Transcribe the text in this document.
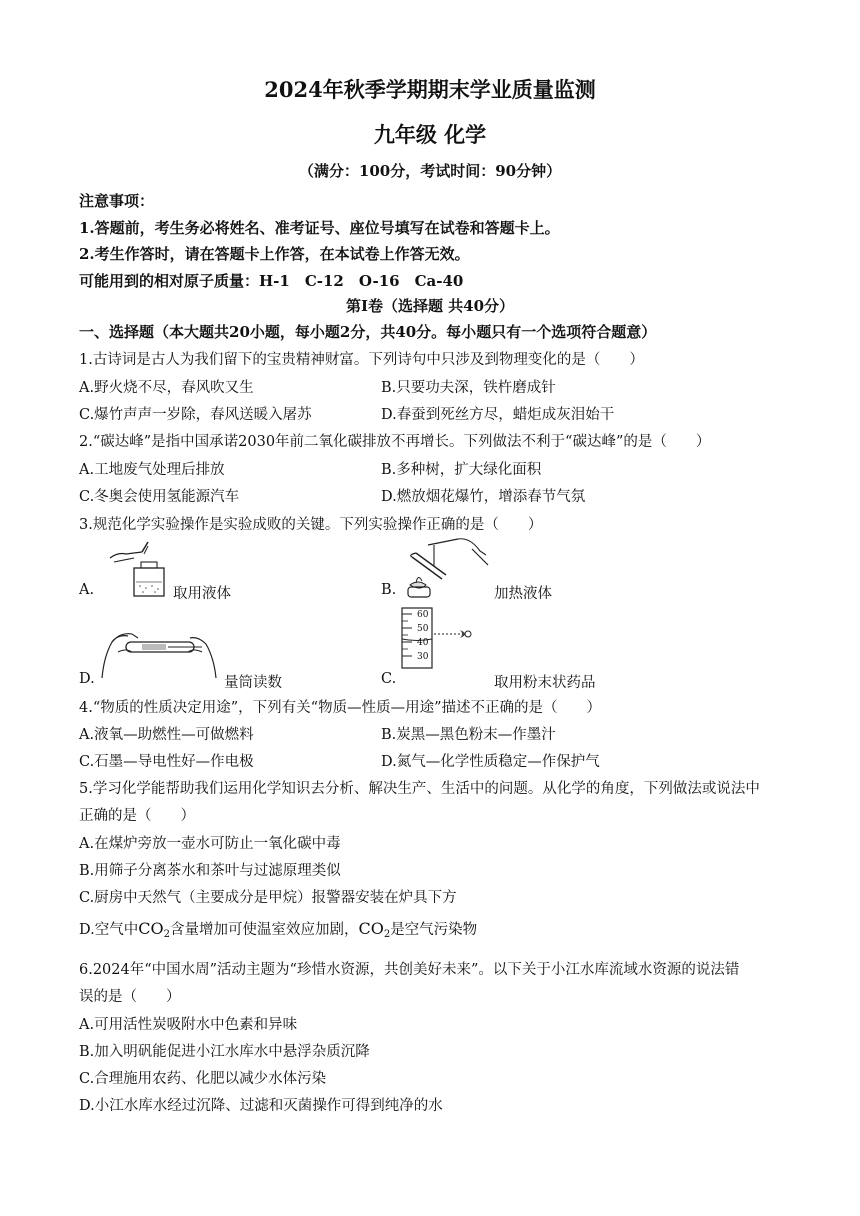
2024年秋季学期期末学业质量监测
九年级 化学
（满分：100分，考试时间：90分钟）
注意事项：
1.答题前，考生务必将姓名、准考证号、座位号填写在试卷和答题卡上。
2.考生作答时，请在答题卡上作答，在本试卷上作答无效。
可能用到的相对原子质量：H-1　C-12　O-16　Ca-40
第Ⅰ卷（选择题 共40分）
一、选择题（本大题共20小题，每小题2分，共40分。每小题只有一个选项符合题意）
1.古诗词是古人为我们留下的宝贵精神财富。下列诗句中只涉及到物理变化的是（　　）
A.野火烧不尽，春风吹又生	B.只要功夫深，铁杵磨成针
C.爆竹声声一岁除，春风送暖入屠苏	D.春蚕到死丝方尽，蜡炬成灰泪始干
2.“碳达峰”是指中国承诺2030年前二氧化碳排放不再增长。下列做法不利于“碳达峰”的是（　　）
A.工地废气处理后排放	B.多种树，扩大绿化面积
C.冬奥会使用氢能源汽车	D.燃放烟花爆竹，增添春节气氛
3.规范化学实验操作是实验成败的关键。下列实验操作正确的是（　　）
A.	取用液体	B.	加热液体
D.	量筒读数
60
50
40
30
C.	取用粉末状药品
4.“物质的性质决定用途”，下列有关“物质—性质—用途”描述不正确的是（　　）
A.液氧—助燃性—可做燃料	B.炭黑—黑色粉末—作墨汁
C.石墨—导电性好—作电极	D.氮气—化学性质稳定—作保护气
5.学习化学能帮助我们运用化学知识去分析、解决生产、生活中的问题。从化学的角度，下列做法或说法中
正确的是（　　）
A.在煤炉旁放一壶水可防止一氧化碳中毒
B.用筛子分离茶水和茶叶与过滤原理类似
C.厨房中天然气（主要成分是甲烷）报警器安装在炉具下方
D.空气中$CO_2$含量增加可使温室效应加剧，$CO_2$是空气污染物
6.2024年“中国水周”活动主题为“珍惜水资源，共创美好未来”。以下关于小江水库流域水资源的说法错
误的是（　　）
A.可用活性炭吸附水中色素和异味
B.加入明矾能促进小江水库水中悬浮杂质沉降
C.合理施用农药、化肥以减少水体污染
D.小江水库水经过沉降、过滤和灭菌操作可得到纯净的水
